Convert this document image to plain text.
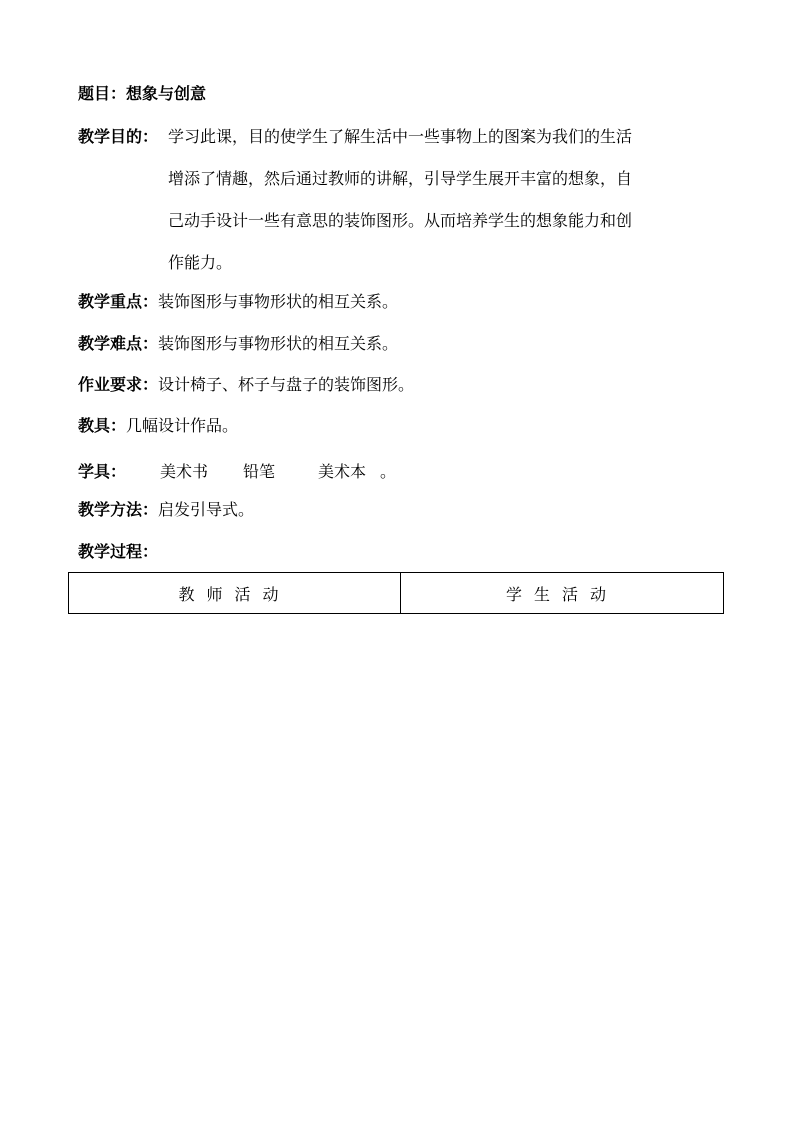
题目：想象与创意
教学目的： 学习此课，目的使学生了解生活中一些事物上的图案为我们的生活
增添了情趣，然后通过教师的讲解，引导学生展开丰富的想象，自
己动手设计一些有意思的装饰图形。从而培养学生的想象能力和创
作能力。
教学重点：装饰图形与事物形状的相互关系。
教学难点：装饰图形与事物形状的相互关系。
作业要求：设计椅子、杯子与盘子的装饰图形。
教具：几幅设计作品。
学具： 美术书 铅笔	美术本 。
教学方法：启发引导式。
教学过程：
教师活动	学生活动
